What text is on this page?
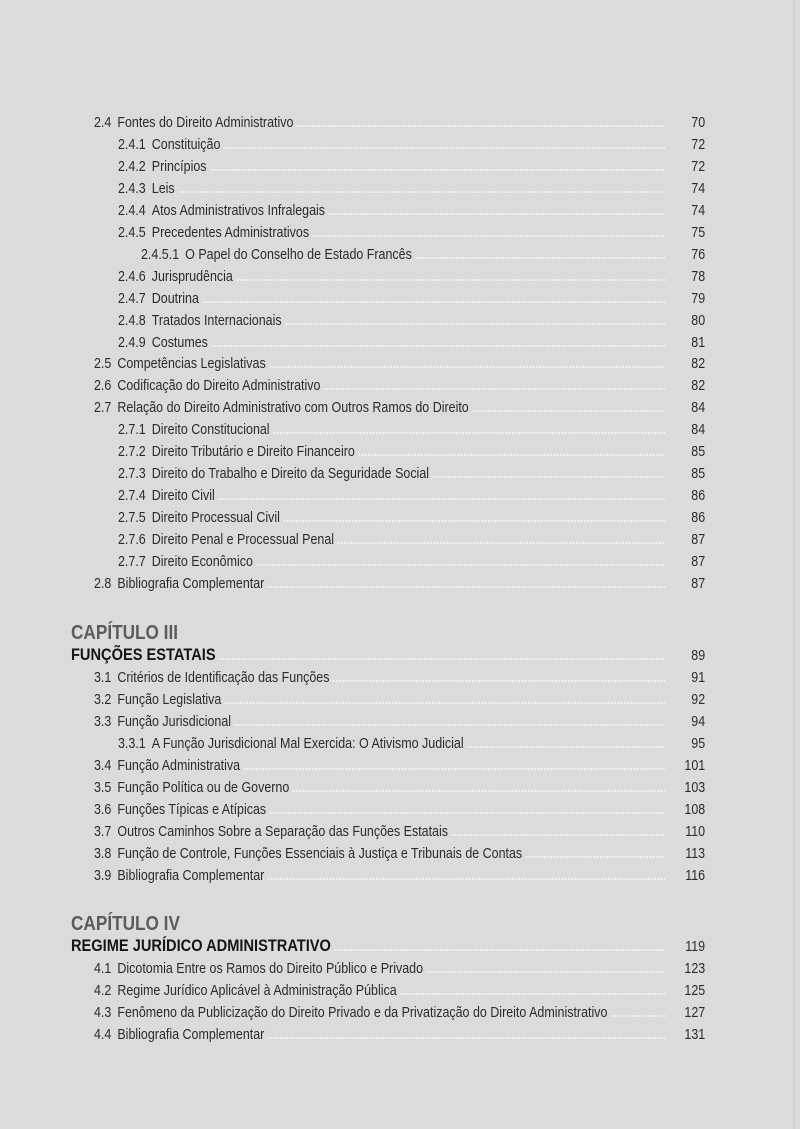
2.4 Fontes do Direito Administrativo	70
2.4.1 Constituição	72
2.4.2 Princípios	72
2.4.3 Leis	74
2.4.4 Atos Administrativos Infralegais	74
2.4.5 Precedentes Administrativos	75
2.4.5.1 O Papel do Conselho de Estado Francês	76
2.4.6 Jurisprudência	78
2.4.7 Doutrina	79
2.4.8 Tratados Internacionais	80
2.4.9 Costumes	81
2.5 Competências Legislativas	82
2.6 Codificação do Direito Administrativo	82
2.7 Relação do Direito Administrativo com Outros Ramos do Direito	84
2.7.1 Direito Constitucional	84
2.7.2 Direito Tributário e Direito Financeiro	85
2.7.3 Direito do Trabalho e Direito da Seguridade Social	85
2.7.4 Direito Civil	86
2.7.5 Direito Processual Civil	86
2.7.6 Direito Penal e Processual Penal	87
2.7.7 Direito Econômico	87
2.8 Bibliografia Complementar	87
CAPÍTULO III
FUNÇÕES ESTATAIS	89
3.1 Critérios de Identificação das Funções	91
3.2 Função Legislativa	92
3.3 Função Jurisdicional	94
3.3.1 A Função Jurisdicional Mal Exercida: O Ativismo Judicial	95
3.4 Função Administrativa	101
3.5 Função Política ou de Governo	103
3.6 Funções Típicas e Atípicas	108
3.7 Outros Caminhos Sobre a Separação das Funções Estatais	110
3.8 Função de Controle, Funções Essenciais à Justiça e Tribunais de Contas	113
3.9 Bibliografia Complementar	116
CAPÍTULO IV
REGIME JURÍDICO ADMINISTRATIVO	119
4.1 Dicotomia Entre os Ramos do Direito Público e Privado	123
4.2 Regime Jurídico Aplicável à Administração Pública	125
4.3 Fenômeno da Publicização do Direito Privado e da Privatização do Direito Administrativo	127
4.4 Bibliografia Complementar	131
